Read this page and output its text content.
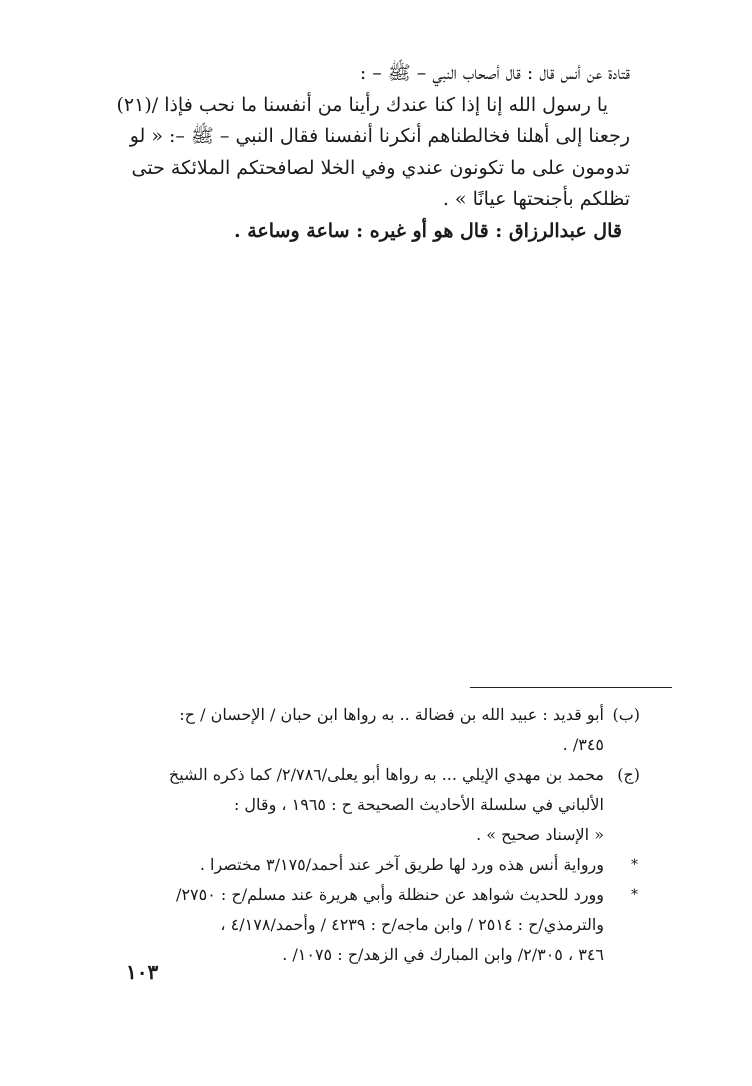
قتادة عن أنس قال : قال أصحاب النبي – ﷺ – :
يا رسول الله إنا إذا كنا عندك رأينا من أنفسنا ما نحب فإذا /(٢١)
رجعنا إلى أهلنا فخالطناهم أنكرنا أنفسنا فقال النبي – ﷺ –: « لو
تدومون على ما تكونون عندي وفي الخلا لصافحتكم الملائكة حتى
تظلكم بأجنحتها عيانًا » .
قال عبدالرزاق : قال هو أو غيره : ساعة وساعة .
(ب)
أبو قديد : عبيد الله بن فضالة .. به رواها ابن حبان / الإحسان / ح:
٣٤٥/ .
(ج)
محمد بن مهدي الإيلي ... به رواها أبو يعلى/٢/٧٨٦/ كما ذكره الشيخ
الألباني في سلسلة الأحاديث الصحيحة ح : ١٩٦٥ ، وقال :
« الإسناد صحيح » .
*
ورواية أنس هذه ورد لها طريق آخر عند أحمد/٣/١٧٥ مختصرا .
*
وورد للحديث شواهد عن حنظلة وأبي هريرة عند مسلم/ح : ٢٧٥٠/
والترمذي/ح : ٢٥١٤ / وابن ماجه/ح : ٤٢٣٩ / وأحمد/٤/١٧٨ ،
٣٤٦ ، ٢/٣٠٥/ وابن المبارك في الزهد/ح : ١٠٧٥/ .
١٠٣
